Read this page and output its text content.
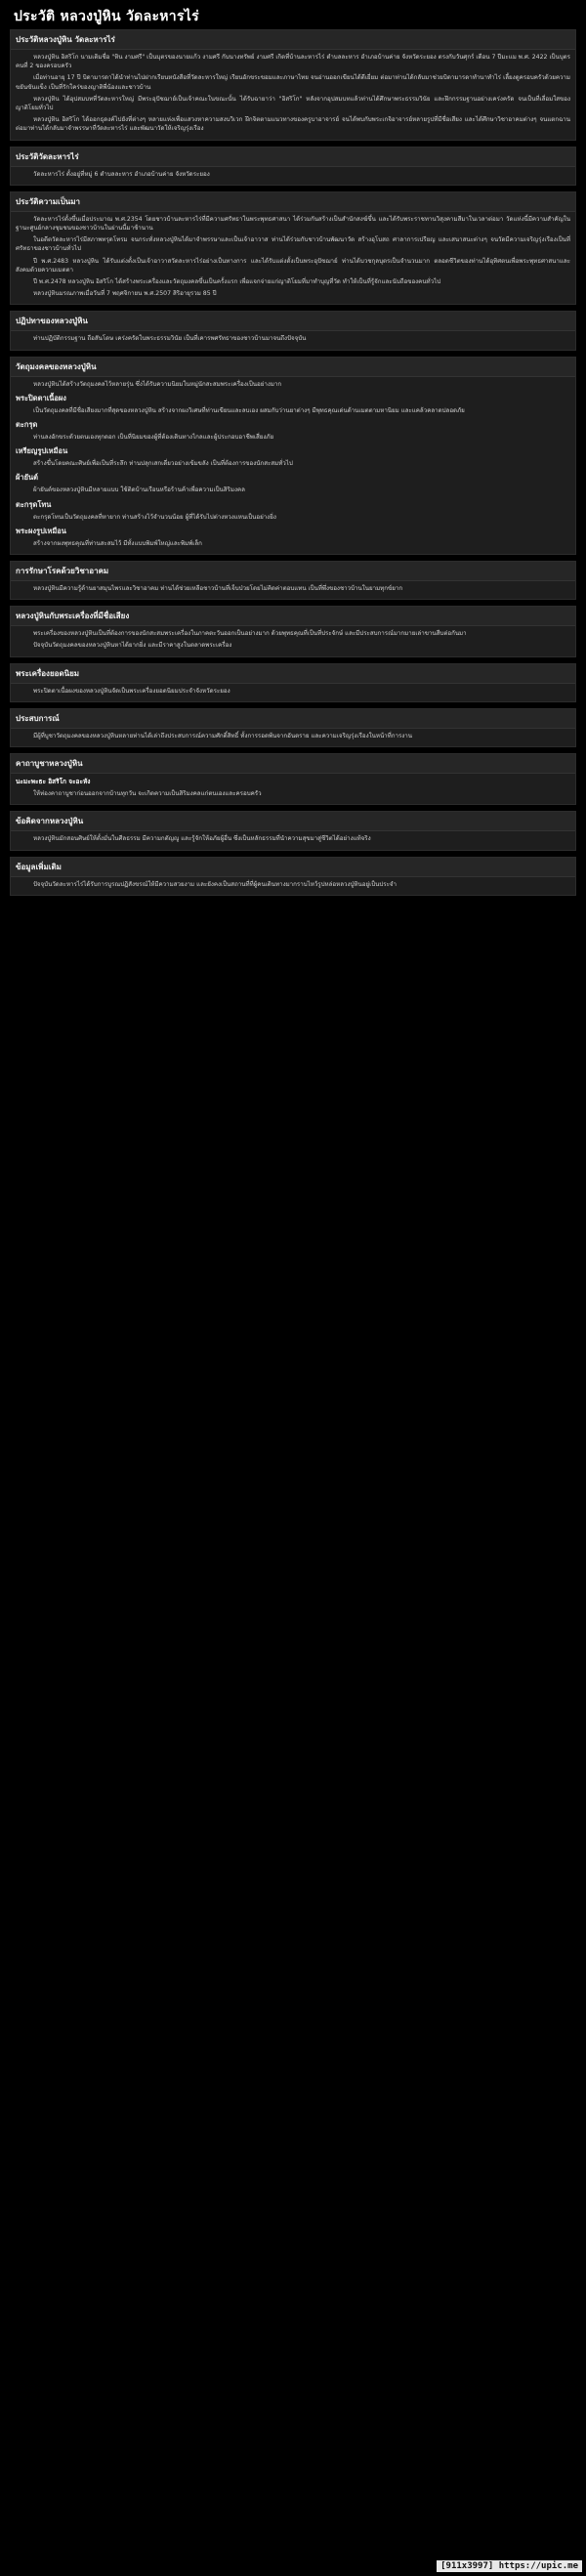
ประวัติ หลวงปู่หิน วัดละหารไร่
ประวัติหลวงปู่หิน วัดละหารไร่

หลวงปู่หิน อิสริโก นามเดิมชื่อ "หิน งามศรี" เป็นบุตรของนายแก้ว งามศรี กับนางทรัพย์ งามศรี เกิดที่บ้านละหารไร่ ตำบลละหาร อำเภอบ้านค่าย จังหวัดระยอง ตรงกับวันศุกร์ เดือน 7 ปีมะแม พ.ศ. 2422 เป็นบุตรคนที่ 2 ของครอบครัว

เมื่อท่านอายุ 17 ปี บิดามารดาได้นำท่านไปฝากเรียนหนังสือที่วัดละหารใหญ่ เรียนอักขระขอมและภาษาไทย จนอ่านออกเขียนได้ดีเยี่ยม ต่อมาท่านได้กลับมาช่วยบิดามารดาทำนาทำไร่ เลี้ยงดูครอบครัวด้วยความขยันขันแข็ง เป็นที่รักใคร่ของญาติพี่น้องและชาวบ้าน

หลวงปู่หิน ได้อุปสมบทที่วัดละหารใหญ่ มีพระอุปัชฌาย์เป็นเจ้าคณะในขณะนั้น ได้รับฉายาว่า "อิสริโก" หลังจากอุปสมบทแล้วท่านได้ศึกษาพระธรรมวินัย และฝึกกรรมฐานอย่างเคร่งครัด จนเป็นที่เลื่อมใสของญาติโยมทั่วไป

หลวงปู่หิน อิสริโก ได้ออกธุดงค์ไปยังที่ต่างๆ หลายแห่งเพื่อแสวงหาความสงบวิเวก ฝึกจิตตามแนวทางของครูบาอาจารย์ จนได้พบกับพระเกจิอาจารย์หลายรูปที่มีชื่อเสียง และได้ศึกษาวิชาอาคมต่างๆ จนแตกฉาน ต่อมาท่านได้กลับมาจำพรรษาที่วัดละหารไร่ และพัฒนาวัดให้เจริญรุ่งเรือง

ประวัติวัดละหารไร่

วัดละหารไร่ ตั้งอยู่ที่หมู่ 6 ตำบลละหาร อำเภอบ้านค่าย จังหวัดระยอง

ประวัติความเป็นมา

วัดละหารไร่ตั้งขึ้นเมื่อประมาณ พ.ศ.2354 โดยชาวบ้านละหารไร่ที่มีความศรัทธาในพระพุทธศาสนา ได้ร่วมกันสร้างเป็นสำนักสงฆ์ขึ้น และได้รับพระราชทานวิสุงคามสีมาในเวลาต่อมา วัดแห่งนี้มีความสำคัญในฐานะศูนย์กลางชุมชนของชาวบ้านในย่านนี้มาช้านาน

ในอดีตวัดละหารไร่มีสภาพทรุดโทรม จนกระทั่งหลวงปู่หินได้มาจำพรรษาและเป็นเจ้าอาวาส ท่านได้ร่วมกับชาวบ้านพัฒนาวัด สร้างอุโบสถ ศาลาการเปรียญ และเสนาสนะต่างๆ จนวัดมีความเจริญรุ่งเรืองเป็นที่ศรัทธาของชาวบ้านทั่วไป

ปี พ.ศ.2483 หลวงปู่หิน ได้รับแต่งตั้งเป็นเจ้าอาวาสวัดละหารไร่อย่างเป็นทางการ และได้รับแต่งตั้งเป็นพระอุปัชฌาย์ ท่านได้บวชกุลบุตรเป็นจำนวนมาก ตลอดชีวิตของท่านได้อุทิศตนเพื่อพระพุทธศาสนาและสังคมด้วยความเมตตา

ปี พ.ศ.2478 หลวงปู่หิน อิสริโก ได้สร้างพระเครื่องและวัตถุมงคลขึ้นเป็นครั้งแรก เพื่อแจกจ่ายแก่ญาติโยมที่มาทำบุญที่วัด ทำให้เป็นที่รู้จักและนับถือของคนทั่วไป

หลวงปู่หินมรณภาพเมื่อวันที่ 7 พฤศจิกายน พ.ศ.2507 สิริอายุรวม 85 ปี

ปฏิปทาของหลวงปู่หิน

ท่านปฏิบัติกรรมฐาน ถือสันโดษ เคร่งครัดในพระธรรมวินัย เป็นที่เคารพศรัทธาของชาวบ้านมาจนถึงปัจจุบัน

วัตถุมงคลของหลวงปู่หิน

หลวงปู่หินได้สร้างวัตถุมงคลไว้หลายรุ่น ซึ่งได้รับความนิยมในหมู่นักสะสมพระเครื่องเป็นอย่างมาก

พระปิดตาเนื้อผง

เป็นวัตถุมงคลที่มีชื่อเสียงมากที่สุดของหลวงปู่หิน สร้างจากผงวิเศษที่ท่านเขียนและลบเอง ผสมกับว่านยาต่างๆ มีพุทธคุณเด่นด้านเมตตามหานิยม และแคล้วคลาดปลอดภัย

ตะกรุด

ท่านลงอักขระด้วยตนเองทุกดอก เป็นที่นิยมของผู้ที่ต้องเดินทางไกลและผู้ประกอบอาชีพเสี่ยงภัย

เหรียญรูปเหมือน

สร้างขึ้นโดยคณะศิษย์เพื่อเป็นที่ระลึก ท่านปลุกเสกเดี่ยวอย่างเข้มขลัง เป็นที่ต้องการของนักสะสมทั่วไป

ผ้ายันต์

ผ้ายันต์ของหลวงปู่หินมีหลายแบบ ใช้ติดบ้านเรือนหรือร้านค้าเพื่อความเป็นสิริมงคล

ตะกรุดโทน

ตะกรุดโทนเป็นวัตถุมงคลที่หายาก ท่านสร้างไว้จำนวนน้อย ผู้ที่ได้รับไปต่างหวงแหนเป็นอย่างยิ่ง

พระผงรูปเหมือน

สร้างจากผงพุทธคุณที่ท่านสะสมไว้ มีทั้งแบบพิมพ์ใหญ่และพิมพ์เล็ก

การรักษาโรคด้วยวิชาอาคม

หลวงปู่หินมีความรู้ด้านยาสมุนไพรและวิชาอาคม ท่านได้ช่วยเหลือชาวบ้านที่เจ็บป่วยโดยไม่คิดค่าตอบแทน เป็นที่พึ่งของชาวบ้านในยามทุกข์ยาก

หลวงปู่หินกับพระเครื่องที่มีชื่อเสียง

พระเครื่องของหลวงปู่หินเป็นที่ต้องการของนักสะสมพระเครื่องในภาคตะวันออกเป็นอย่างมาก ด้วยพุทธคุณที่เป็นที่ประจักษ์ และมีประสบการณ์มากมายเล่าขานสืบต่อกันมา

ปัจจุบันวัตถุมงคลของหลวงปู่หินหาได้ยากยิ่ง และมีราคาสูงในตลาดพระเครื่อง

พระเครื่องยอดนิยม

พระปิดตาเนื้อผงของหลวงปู่หินจัดเป็นพระเครื่องยอดนิยมประจำจังหวัดระยอง

ประสบการณ์

มีผู้ที่บูชาวัตถุมงคลของหลวงปู่หินหลายท่านได้เล่าถึงประสบการณ์ความศักดิ์สิทธิ์ ทั้งการรอดพ้นจากอันตราย และความเจริญรุ่งเรืองในหน้าที่การงาน

คาถาบูชาหลวงปู่หิน
นะมะพะธะ อิสริโก จะอะหัง

ให้ท่องคาถาบูชาก่อนออกจากบ้านทุกวัน จะเกิดความเป็นสิริมงคลแก่ตนเองและครอบครัว

ข้อคิดจากหลวงปู่หิน

หลวงปู่หินมักสอนศิษย์ให้ตั้งมั่นในศีลธรรม มีความกตัญญู และรู้จักให้อภัยผู้อื่น ซึ่งเป็นหลักธรรมที่นำความสุขมาสู่ชีวิตได้อย่างแท้จริง

ข้อมูลเพิ่มเติม

ปัจจุบันวัดละหารไร่ได้รับการบูรณปฏิสังขรณ์ให้มีความสวยงาม และยังคงเป็นสถานที่ที่ผู้คนเดินทางมากราบไหว้รูปหล่อหลวงปู่หินอยู่เป็นประจำ

[911x3997] https://upic.me
